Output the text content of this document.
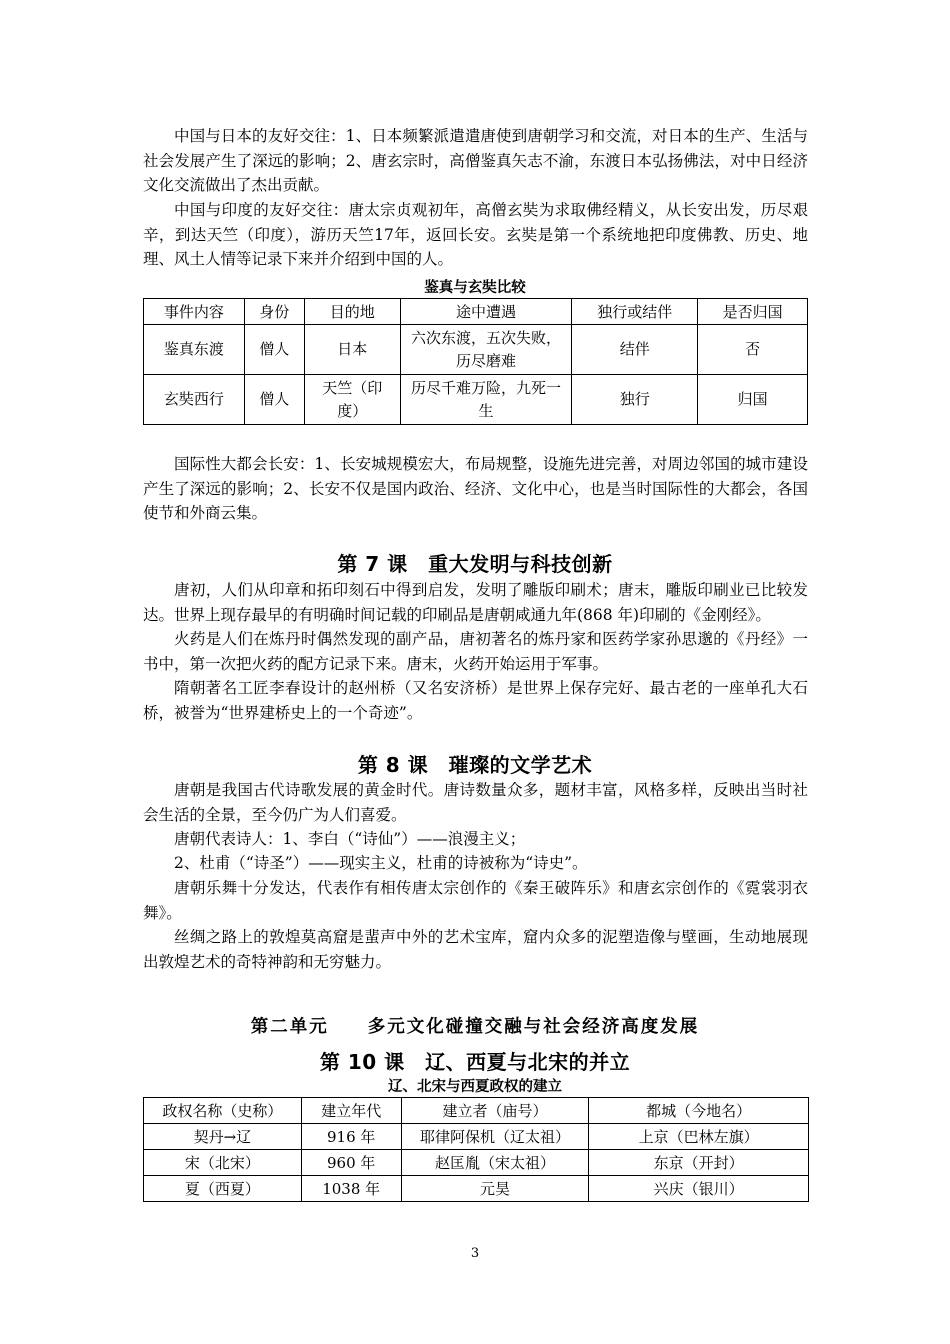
中国与日本的友好交往：1、日本频繁派遣遣唐使到唐朝学习和交流，对日本的生产、生活与社会发展产生了深远的影响；2、唐玄宗时，高僧鉴真矢志不渝，东渡日本弘扬佛法，对中日经济文化交流做出了杰出贡献。

中国与印度的友好交往：唐太宗贞观初年，高僧玄奘为求取佛经精义，从长安出发，历尽艰辛，到达天竺（印度），游历天竺17年，返回长安。玄奘是第一个系统地把印度佛教、历史、地理、风土人情等记录下来并介绍到中国的人。

鉴真与玄奘比较

事件内容	身份	目的地	途中遭遇	独行或结伴	是否归国
鉴真东渡	僧人	日本	六次东渡，五次失败，历尽磨难	结伴	否
玄奘西行	僧人	天竺（印度）	历尽千难万险，九死一生	独行	归国

国际性大都会长安：1、长安城规模宏大，布局规整，设施先进完善，对周边邻国的城市建设产生了深远的影响；2、长安不仅是国内政治、经济、文化中心，也是当时国际性的大都会，各国使节和外商云集。

第 7 课　重大发明与科技创新

唐初，人们从印章和拓印刻石中得到启发，发明了雕版印刷术；唐末，雕版印刷业已比较发达。世界上现存最早的有明确时间记载的印刷品是唐朝咸通九年(868 年)印刷的《金刚经》。

火药是人们在炼丹时偶然发现的副产品，唐初著名的炼丹家和医药学家孙思邈的《丹经》一书中，第一次把火药的配方记录下来。唐末，火药开始运用于军事。

隋朝著名工匠李春设计的赵州桥（又名安济桥）是世界上保存完好、最古老的一座单孔大石桥，被誉为“世界建桥史上的一个奇迹”。

第 8 课　璀璨的文学艺术

唐朝是我国古代诗歌发展的黄金时代。唐诗数量众多，题材丰富，风格多样，反映出当时社会生活的全景，至今仍广为人们喜爱。

唐朝代表诗人：1、李白（“诗仙”）——浪漫主义；

2、杜甫（“诗圣”）——现实主义，杜甫的诗被称为“诗史”。

唐朝乐舞十分发达，代表作有相传唐太宗创作的《秦王破阵乐》和唐玄宗创作的《霓裳羽衣舞》。

丝绸之路上的敦煌莫高窟是蜚声中外的艺术宝库，窟内众多的泥塑造像与壁画，生动地展现出敦煌艺术的奇特神韵和无穷魅力。

第二单元　　多元文化碰撞交融与社会经济高度发展

第 10 课　辽、西夏与北宋的并立

辽、北宋与西夏政权的建立

政权名称（史称）	建立年代	建立者（庙号）	都城（今地名）
契丹→辽	916 年	耶律阿保机（辽太祖）	上京（巴林左旗）
宋（北宋）	960 年	赵匡胤（宋太祖）	东京（开封）
夏（西夏）	1038 年	元昊	兴庆（银川）

3
